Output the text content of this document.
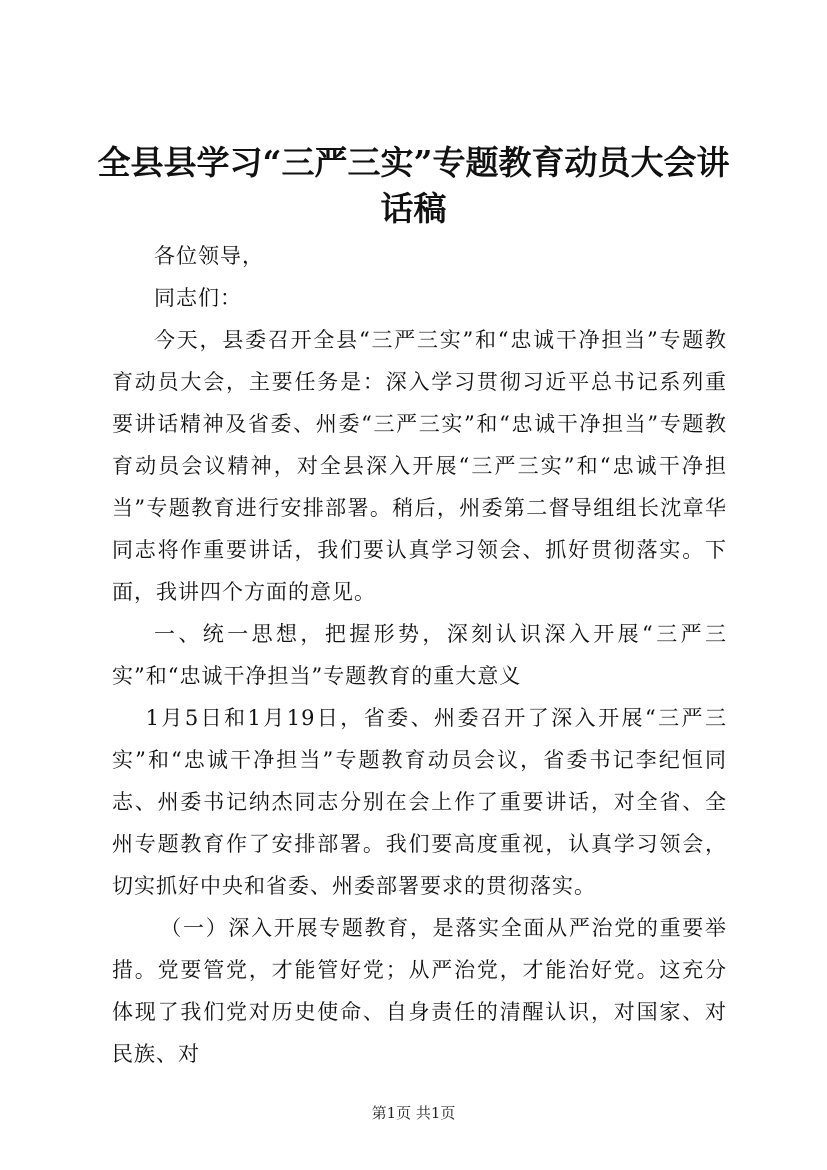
全县县学习“三严三实”专题教育动员大会讲话稿

各位领导，

同志们：

今天，县委召开全县“三严三实”和“忠诚干净担当”专题教育动员大会，主要任务是：深入学习贯彻习近平总书记系列重要讲话精神及省委、州委“三严三实”和“忠诚干净担当”专题教育动员会议精神，对全县深入开展“三严三实”和“忠诚干净担当”专题教育进行安排部署。稍后，州委第二督导组组长沈章华同志将作重要讲话，我们要认真学习领会、抓好贯彻落实。下面，我讲四个方面的意见。

一、统一思想，把握形势，深刻认识深入开展“三严三实”和“忠诚干净担当”专题教育的重大意义

1月5日和1月19日，省委、州委召开了深入开展“三严三实”和“忠诚干净担当”专题教育动员会议，省委书记李纪恒同志、州委书记纳杰同志分别在会上作了重要讲话，对全省、全州专题教育作了安排部署。我们要高度重视，认真学习领会，切实抓好中央和省委、州委部署要求的贯彻落实。

（一）深入开展专题教育，是落实全面从严治党的重要举措。党要管党，才能管好党；从严治党，才能治好党。这充分体现了我们党对历史使命、自身责任的清醒认识，对国家、对民族、对

第1页 共1页
